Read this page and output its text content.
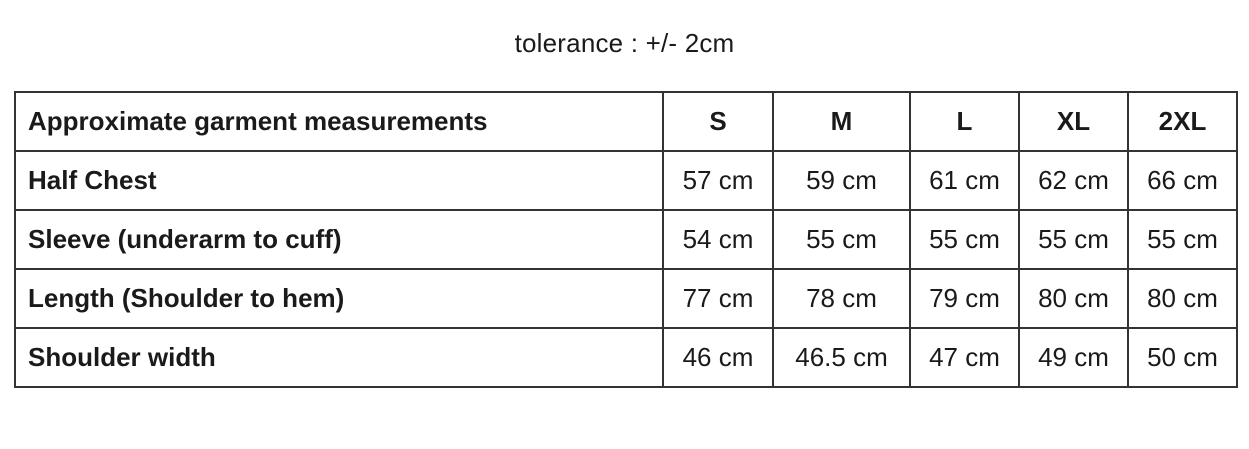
tolerance : +/- 2cm
Approximate garment measurements	S	M	L	XL	2XL
Half Chest	57 cm	59 cm	61 cm	62 cm	66 cm
Sleeve (underarm to cuff)	54 cm	55 cm	55 cm	55 cm	55 cm
Length (Shoulder to hem)	77 cm	78 cm	79 cm	80 cm	80 cm
Shoulder width	46 cm	46.5 cm	47 cm	49 cm	50 cm
